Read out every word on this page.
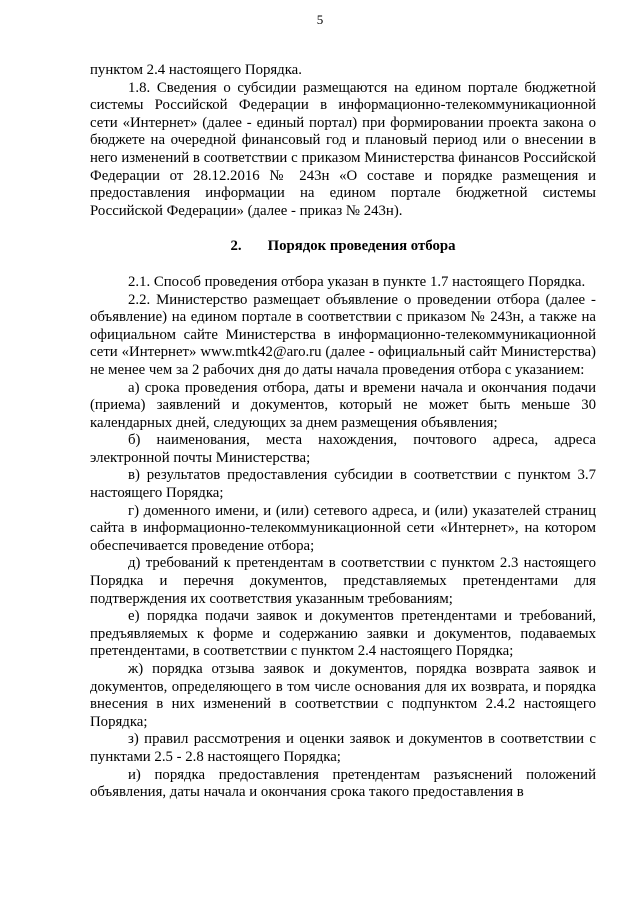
5

пунктом 2.4 настоящего Порядка.

1.8. Сведения о субсидии размещаются на едином портале бюджетной системы Российской Федерации в информационно-телекоммуникационной сети «Интернет» (далее - единый портал) при формировании проекта закона о бюджете на очередной финансовый год и плановый период или о внесении в него изменений в соответствии с приказом Министерства финансов Российской Федерации от 28.12.2016 № 243н «О составе и порядке размещения и предоставления информации на едином портале бюджетной системы Российской Федерации» (далее - приказ № 243н).

2. Порядок проведения отбора

2.1. Способ проведения отбора указан в пункте 1.7 настоящего Порядка.

2.2. Министерство размещает объявление о проведении отбора (далее - объявление) на едином портале в соответствии с приказом № 243н, а также на официальном сайте Министерства в информационно-телекоммуникационной сети «Интернет» www.mtk42@aro.ru (далее - официальный сайт Министерства) не менее чем за 2 рабочих дня до даты начала проведения отбора с указанием:

а) срока проведения отбора, даты и времени начала и окончания подачи (приема) заявлений и документов, который не может быть меньше 30 календарных дней, следующих за днем размещения объявления;

б) наименования, места нахождения, почтового адреса, адреса электронной почты Министерства;

в) результатов предоставления субсидии в соответствии с пунктом 3.7 настоящего Порядка;

г) доменного имени, и (или) сетевого адреса, и (или) указателей страниц сайта в информационно-телекоммуникационной сети «Интернет», на котором обеспечивается проведение отбора;

д) требований к претендентам в соответствии с пунктом 2.3 настоящего Порядка и перечня документов, представляемых претендентами для подтверждения их соответствия указанным требованиям;

е) порядка подачи заявок и документов претендентами и требований, предъявляемых к форме и содержанию заявки и документов, подаваемых претендентами, в соответствии с пунктом 2.4 настоящего Порядка;

ж) порядка отзыва заявок и документов, порядка возврата заявок и документов, определяющего в том числе основания для их возврата, и порядка внесения в них изменений в соответствии с подпунктом 2.4.2 настоящего Порядка;

з) правил рассмотрения и оценки заявок и документов в соответствии с пунктами 2.5 - 2.8 настоящего Порядка;

и) порядка предоставления претендентам разъяснений положений объявления, даты начала и окончания срока такого предоставления в
